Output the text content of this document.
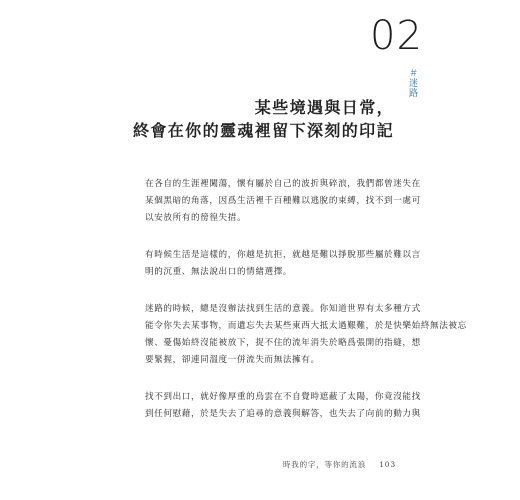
02
＃迷路
某些境遇與日常，
終會在你的靈魂裡留下深刻的印記

在各自的生涯裡闖蕩，懷有屬於自己的波折與碎浪，我們都曾迷失在
某個黑暗的角落，因爲生活裡千百種難以逃脫的束縛，找不到一處可
以安放所有的徬徨失措。

有時候生活是這樣的，你越是抗拒，就越是難以掙脫那些屬於難以言
明的沉重、無法說出口的情緒選擇。

迷路的時候，總是沒辦法找到生活的意義。你知道世界有太多種方式
能令你失去某事物，而遺忘失去某些東西大抵太過艱難，於是快樂始終無法被忘
懷、憂傷始終沒能被放下，捉不住的流年消失於略爲張開的指縫，想
要緊握，卻連同溫度一併流失而無法擁有。

找不到出口，就好像厚重的烏雲在不自覺時遮蔽了太陽，你竟沒能找
到任何慰藉，於是失去了追尋的意義與解答，也失去了向前的動力與

時我的字，等你的流浪 103
